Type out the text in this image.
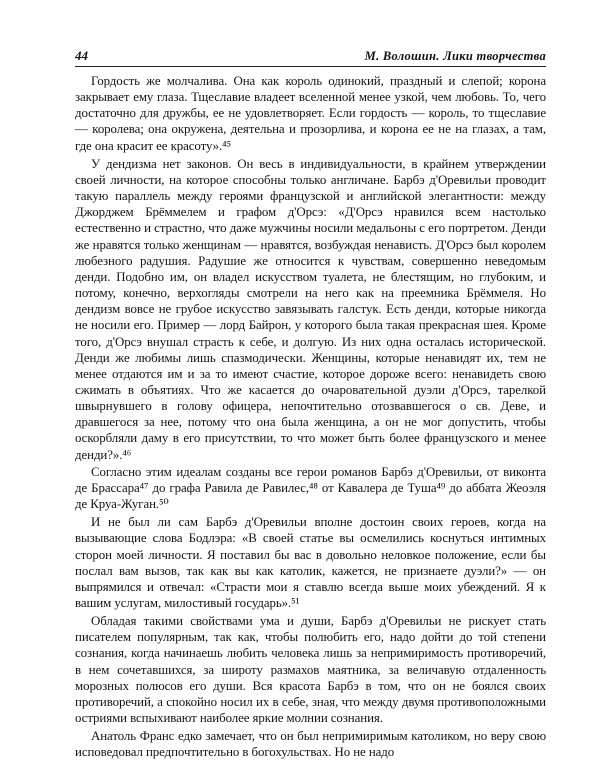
44	М. Волошин. Лики творчества

Гордость же молчалива. Она как король одинокий, праздный и слепой; корона закрывает ему глаза. Тщеславие владеет вселенной менее узкой, чем любовь. То, чего достаточно для дружбы, ее не удовлетворяет. Если гордость — король, то тщеславие — королева; она окружена, деятельна и прозорлива, и корона ее не на глазах, а там, где она красит ее красоту».⁴⁵

У дендизма нет законов. Он весь в индивидуальности, в крайнем утверждении своей личности, на которое способны только англичане. Барбэ д'Оревильи проводит такую параллель между героями французской и английской элегантности: между Джорджем Брёммелем и графом д'Орсэ: «Д'Орсэ нравился всем настолько естественно и страстно, что даже мужчины носили медальоны с его портретом. Денди же нравятся только женщинам — нравятся, возбуждая ненависть. Д'Орсэ был королем любезного радушия. Радушие же относится к чувствам, совершенно неведомым денди. Подобно им, он владел искусством туалета, не блестящим, но глубоким, и потому, конечно, верхогляды смотрели на него как на преемника Брёммеля. Но дендизм вовсе не грубое искусство завязывать галстук. Есть денди, которые никогда не носили его. Пример — лорд Байрон, у которого была такая прекрасная шея. Кроме того, д'Орсэ внушал страсть к себе, и долгую. Из них одна осталась исторической. Денди же любимы лишь спазмодически. Женщины, которые ненавидят их, тем не менее отдаются им и за то имеют счастие, которое дороже всего: ненавидеть свою сжимать в объятиях. Что же касается до очаровательной дуэли д'Орсэ, тарелкой швырнувшего в голову офицера, непочтительно отозвавшегося о св. Деве, и дравшегося за нее, потому что она была женщина, а он не мог допустить, чтобы оскорбляли даму в его присутствии, то что может быть более французского и менее денди?».⁴⁶

Согласно этим идеалам созданы все герои романов Барбэ д'Оревильи, от виконта де Брассара⁴⁷ до графа Равила де Равилес,⁴⁸ от Кавалера де Туша⁴⁹ до аббата Жеоэля де Круа-Жуган.⁵⁰

И не был ли сам Барбэ д'Оревильи вполне достоин своих героев, когда на вызывающие слова Бодлэра: «В своей статье вы осмелились коснуться интимных сторон моей личности. Я поставил бы вас в довольно неловкое положение, если бы послал вам вызов, так как вы как католик, кажется, не признаете дуэли?» — он выпрямился и отвечал: «Страсти мои я ставлю всегда выше моих убеждений. Я к вашим услугам, милостивый государь».⁵¹

Обладая такими свойствами ума и души, Барбэ д'Оревильи не рискует стать писателем популярным, так как, чтобы полюбить его, надо дойти до той степени сознания, когда начинаешь любить человека лишь за непримиримость противоречий, в нем сочетавшихся, за широту размахов маятника, за величавую отдаленность морозных полюсов его души. Вся красота Барбэ в том, что он не боялся своих противоречий, а спокойно носил их в себе, зная, что между двумя противоположными остриями вспыхивают наиболее яркие молнии сознания.

Анатоль Франс едко замечает, что он был непримиримым католиком, но веру свою исповедовал предпочтительно в богохульствах. Но не надо
